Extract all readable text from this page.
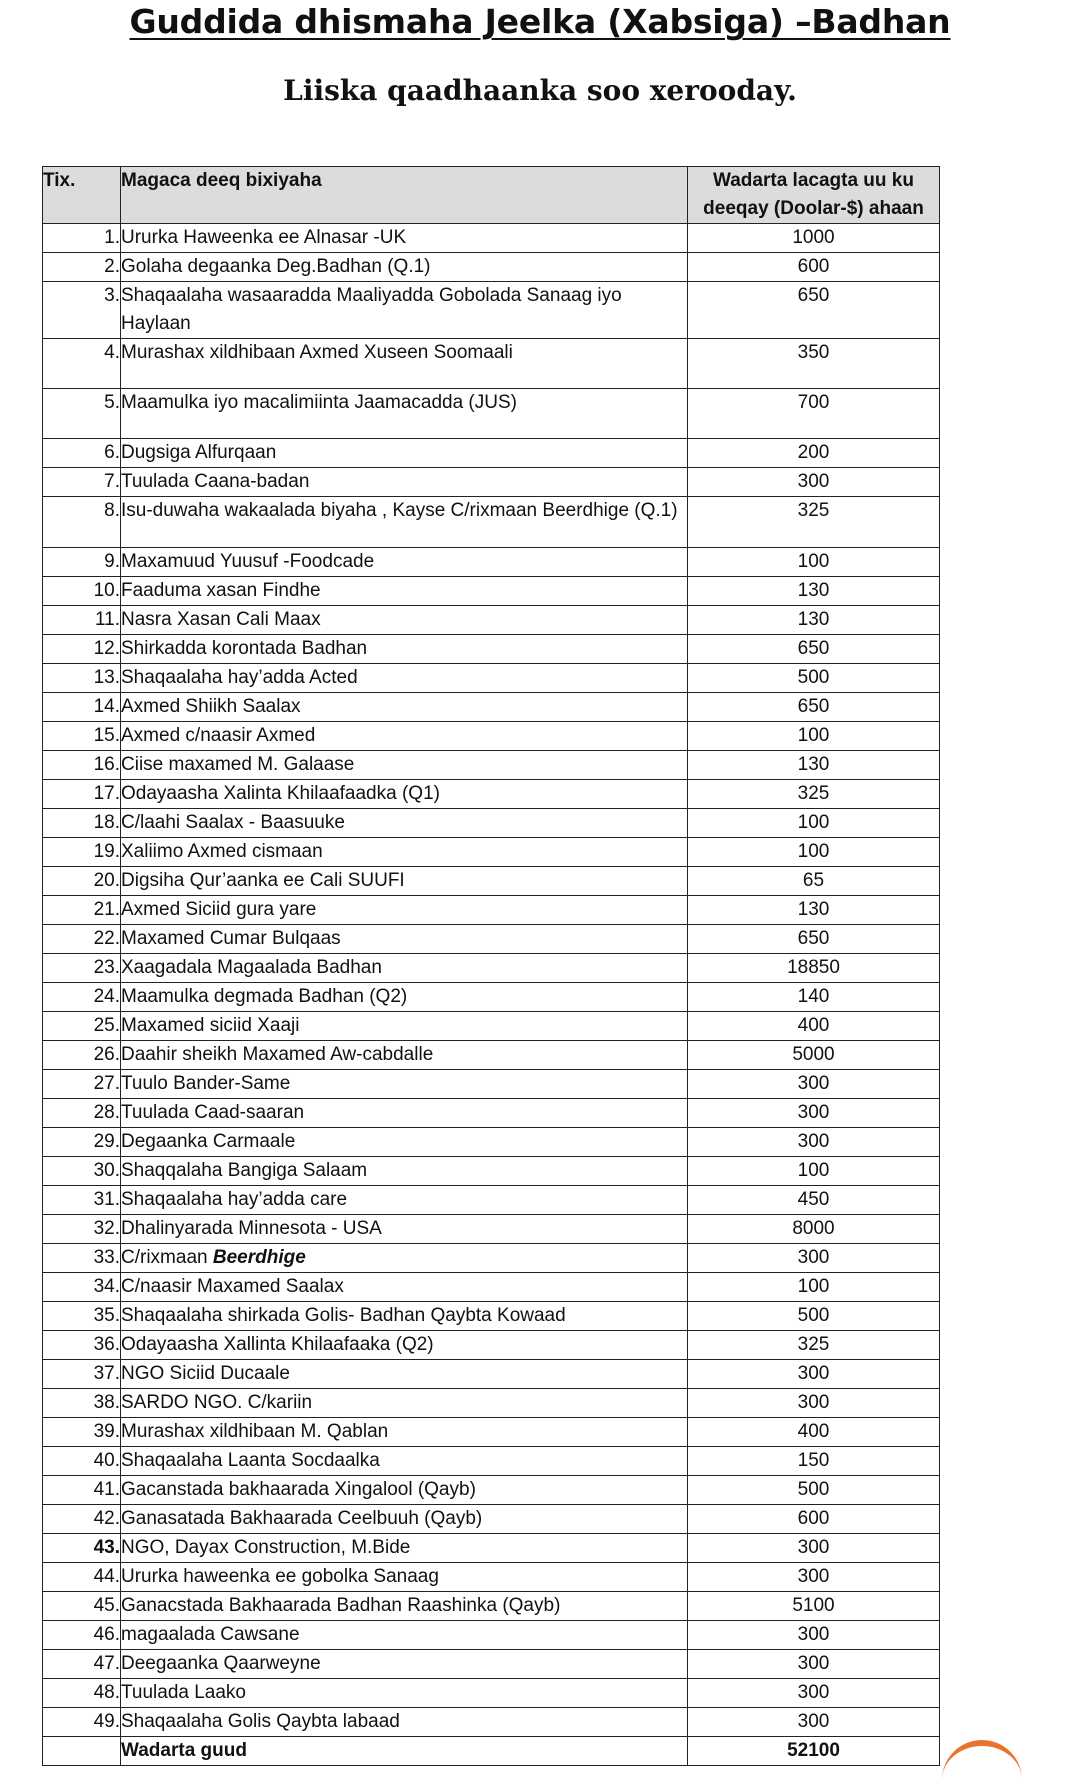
Guddida dhismaha Jeelka (Xabsiga) –Badhan
Liiska qaadhaanka soo xerooday.
Tix.	Magaca deeq bixiyaha	Wadarta lacagta uu ku
deeqay (Doolar-$) ahaan

1.	Ururka Haweenka ee Alnasar -UK	1000
2.	Golaha degaanka Deg.Badhan (Q.1)	600
3.	Shaqaalaha wasaaradda Maaliyadda Gobolada Sanaag iyo Haylaan	650
4.	Murashax xildhibaan Axmed Xuseen Soomaali	350
5.	Maamulka iyo macalimiinta Jaamacadda (JUS)	700
6.	Dugsiga Alfurqaan	200
7.	Tuulada Caana-badan	300
8.	Isu-duwaha wakaalada biyaha , Kayse C/rixmaan Beerdhige (Q.1)	325
9.	Maxamuud Yuusuf -Foodcade	100
10.	Faaduma xasan Findhe	130
11.	Nasra Xasan Cali Maax	130
12.	Shirkadda korontada Badhan	650
13.	Shaqaalaha hay’adda Acted	500
14.	Axmed Shiikh Saalax	650
15.	Axmed c/naasir Axmed	100
16.	Ciise maxamed M. Galaase	130
17.	Odayaasha Xalinta Khilaafaadka (Q1)	325
18.	C/laahi Saalax - Baasuuke	100
19.	Xaliimo Axmed cismaan	100
20.	Digsiha Qur’aanka ee Cali SUUFI	65
21.	Axmed Siciid gura yare	130
22.	Maxamed Cumar Bulqaas	650
23.	Xaagadala Magaalada Badhan	18850
24.	Maamulka degmada Badhan (Q2)	140
25.	Maxamed siciid Xaaji	400
26.	Daahir sheikh Maxamed Aw-cabdalle	5000
27.	Tuulo Bander-Same	300
28.	Tuulada Caad-saaran	300
29.	Degaanka Carmaale	300
30.	Shaqqalaha Bangiga Salaam	100
31.	Shaqaalaha hay’adda care	450
32.	Dhalinyarada Minnesota - USA	8000
33.	C/rixmaan Beerdhige	300
34.	C/naasir Maxamed Saalax	100
35.	Shaqaalaha shirkada Golis- Badhan Qaybta Kowaad	500
36.	Odayaasha Xallinta Khilaafaaka (Q2)	325
37.	NGO Siciid Ducaale	300
38.	SARDO NGO. C/kariin	300
39.	Murashax xildhibaan M. Qablan	400
40.	Shaqaalaha Laanta Socdaalka	150
41.	Gacanstada bakhaarada Xingalool (Qayb)	500
42.	Ganasatada Bakhaarada Ceelbuuh (Qayb)	600
43.	NGO, Dayax Construction, M.Bide	300
44.	Ururka haweenka ee gobolka Sanaag	300
45.	Ganacstada Bakhaarada Badhan Raashinka (Qayb)	5100
46.	magaalada Cawsane	300
47.	Deegaanka Qaarweyne	300
48.	Tuulada Laako	300
49.	Shaqaalaha Golis Qaybta labaad	300
	Wadarta guud	52100
